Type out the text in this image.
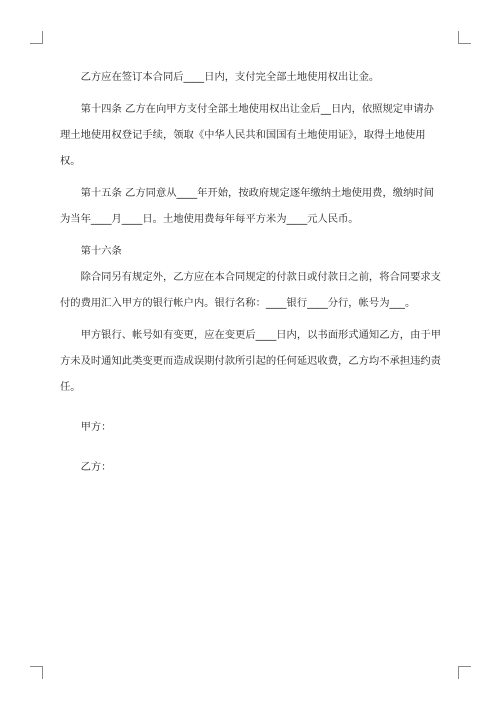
乙方应在签订本合同后____日内，支付完全部土地使用权出让金。

第十四条 乙方在向甲方支付全部土地使用权出让金后__日内，依照规定申请办理土地使用权登记手续，领取《中华人民共和国国有土地使用证》，取得土地使用权。

第十五条 乙方同意从____年开始，按政府规定逐年缴纳土地使用费，缴纳时间为当年____月____日。土地使用费每年每平方米为____元人民币。

第十六条

除合同另有规定外，乙方应在本合同规定的付款日或付款日之前，将合同要求支付的费用汇入甲方的银行帐户内。银行名称：____银行____分行，帐号为___。

甲方银行、帐号如有变更，应在变更后____日内，以书面形式通知乙方，由于甲方未及时通知此类变更而造成误期付款所引起的任何延迟收费，乙方均不承担违约责任。

甲方：

乙方：
